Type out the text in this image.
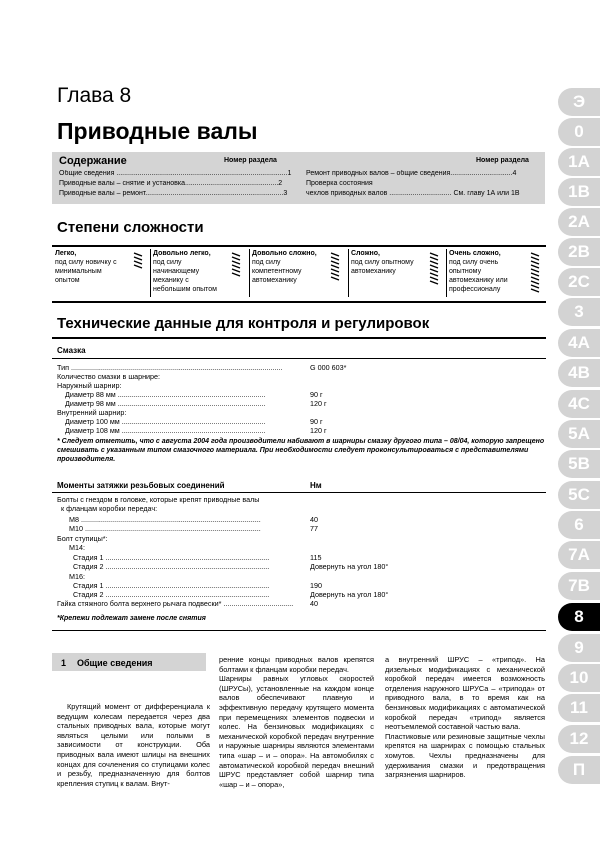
Глава 8
Приводные валы
Содержание	Номер раздела	Номер раздела
Общие сведения ........................................................................................1
Приводные валы – снятие и установка................................................2
Приводные валы – ремонт.......................................................................3
Ремонт приводных валов – общие сведения................................4
Проверка состояния
чехлов приводных валов ................................ См. главу 1А или 1В
Степени сложности
Легко,
под силу новичку с минимальным опытом
Довольно легко,
под силу начинающему механику с небольшим опытом
Довольно сложно,
под силу компетентному автомеханику
Сложно,
под силу опытному автомеханику
Очень сложно,
под силу очень опытному автомеханику или профессионалу
Технические данные для контроля и регулировок
Смазка
Тип ..........................................................................................................	G 000 603*
Количество смазки в шарнире:
Наружный шарнир:
Диаметр 88 мм ..........................................................................	90 г
Диаметр 98 мм ..........................................................................	120 г
Внутренний шарнир:
Диаметр 100 мм ........................................................................	90 г
Диаметр 108 мм ........................................................................	120 г
* Следует отметить, что с августа 2004 года производители набивают в шарниры смазку другого типа – 08/04, которую запрещено смешивать с указанным типом смазочного материала. При необходимости следует проконсультироваться с представителями производителя.
Моменты затяжки резьбовых соединений	Нм
Болты с гнездом в головке, которые крепят приводные валы
к фланцам коробки передач:
М8 ..........................................................................................	40
М10 ........................................................................................	77
Болт ступицы*:
М14:
Стадия 1 ..................................................................................	115
Стадия 2 ..................................................................................	Довернуть на угол 180°
М16:
Стадия 1 ..................................................................................	190
Стадия 2 ..................................................................................	Довернуть на угол 180°
Гайка стяжного болта верхнего рычага подвески* ...................................	40
*Крепежи подлежат замене после снятия
1 Общие сведения
Крутящий момент от дифференциала к ведущим колесам передается через два стальных приводных вала, которые могут являться целыми или полыми в зависимости от конструкции. Оба приводных вала имеют шлицы на внешних концах для сочленения со ступицами колес и резьбу, предназначенную для болтов крепления ступиц к валам. Внут-
ренние концы приводных валов крепятся болтами к фланцам коробки передач.
Шарниры равных угловых скоростей (ШРУСы), установленные на каждом конце валов обеспечивают плавную и эффективную передачу крутящего момента при перемещениях элементов подвески и колес. На бензиновых модификациях с механической коробкой передач внутренние и наружные шарниры являются элементами типа «шар – и – опора». На автомобилях с автоматической коробкой передач внешний ШРУС представляет собой шарнир типа «шар – и – опора»,
а внутренний ШРУС – «трипод». На дизельных модификациях с механической коробкой передач имеется возможность отделения наружного ШРУСа – «трипода» от приводного вала, в то время как на бензиновых модификациях с автоматической коробкой передач «трипод» является неотъемлемой составной частью вала.
Пластиковые или резиновые защитные чехлы крепятся на шарнирах с помощью стальных хомутов. Чехлы предназначены для удерживания смазки и предотвращения загрязнения шарниров.
Э
0
1A
1B
2A
2B
2C
3
4A
4B
4C
5A
5B
5C
6
7A
7B
8
9
10
11
12
П
